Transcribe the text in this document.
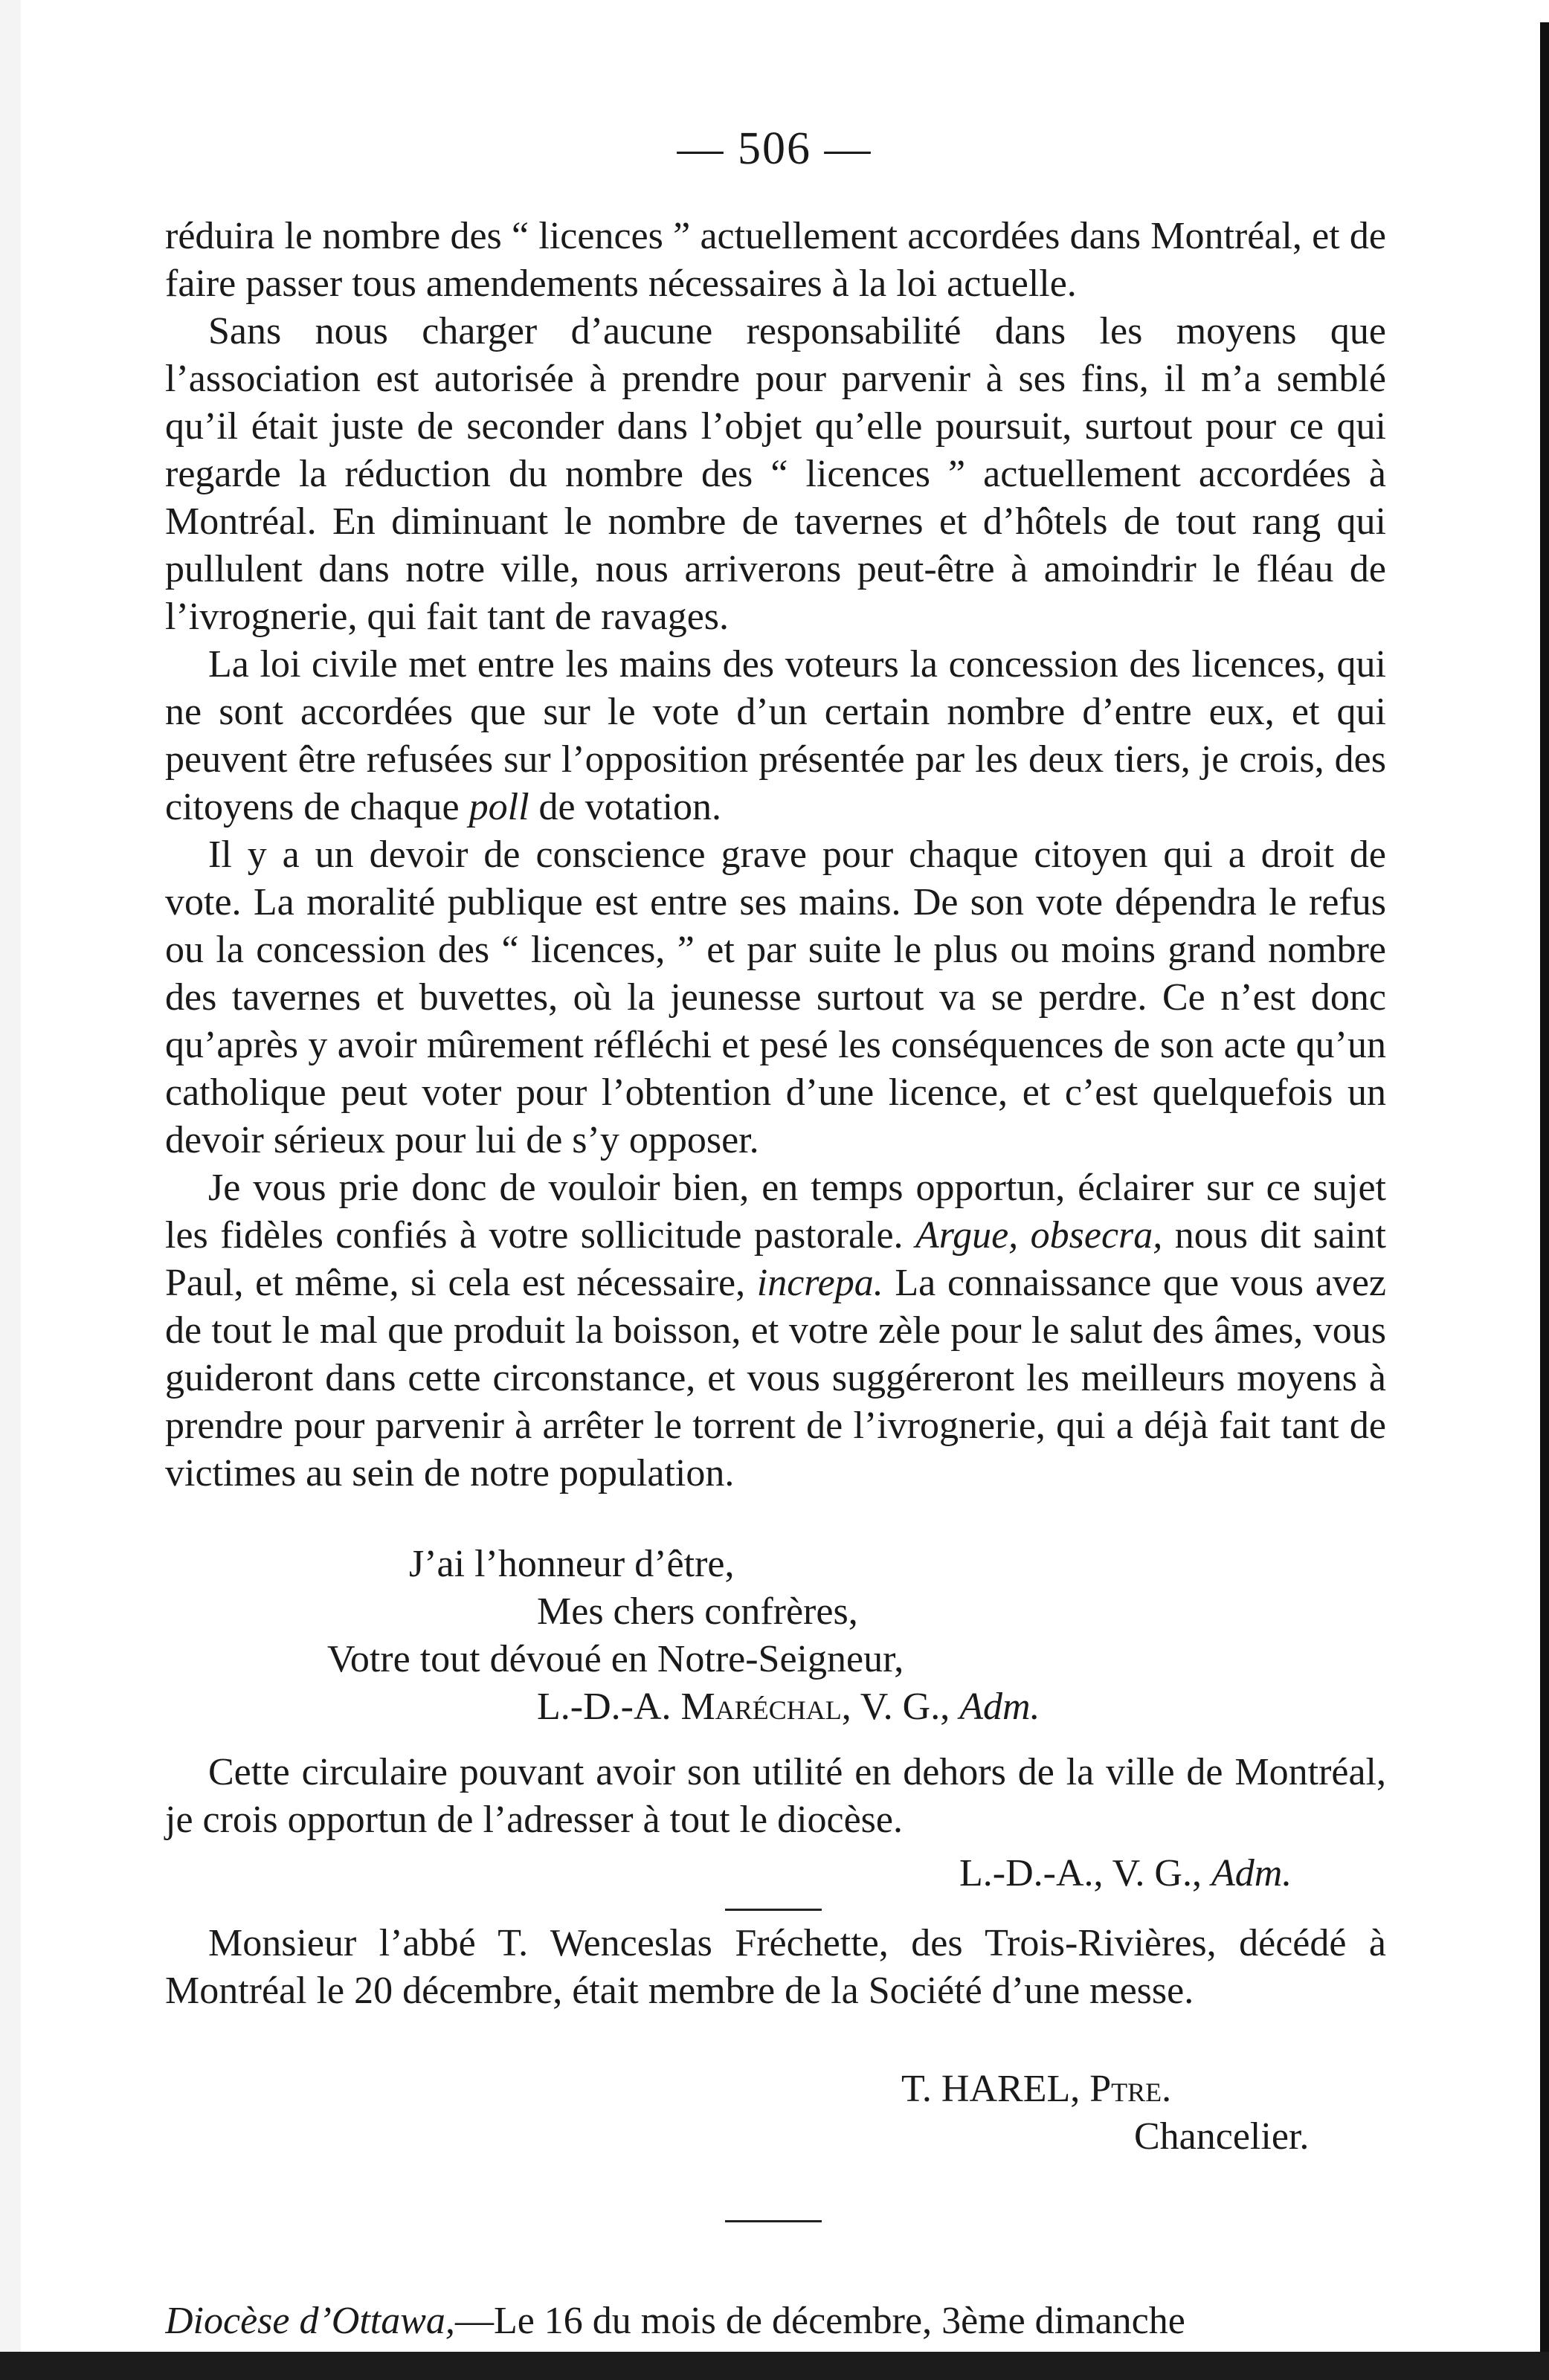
— 506 —

réduira le nombre des “ licences ” actuellement accordées dans Montréal, et de faire passer tous amendements nécessaires à la loi actuelle.

Sans nous charger d’aucune responsabilité dans les moyens que l’association est autorisée à prendre pour parvenir à ses fins, il m’a semblé qu’il était juste de seconder dans l’objet qu’elle poursuit, surtout pour ce qui regarde la réduction du nombre des “ licences ” actuellement accordées à Montréal. En diminuant le nombre de tavernes et d’hôtels de tout rang qui pullulent dans notre ville, nous arriverons peut-être à amoindrir le fléau de l’ivrognerie, qui fait tant de ravages.

La loi civile met entre les mains des voteurs la concession des licences, qui ne sont accordées que sur le vote d’un certain nombre d’entre eux, et qui peuvent être refusées sur l’opposition présentée par les deux tiers, je crois, des citoyens de chaque poll de votation.

Il y a un devoir de conscience grave pour chaque citoyen qui a droit de vote. La moralité publique est entre ses mains. De son vote dépendra le refus ou la concession des “ licences, ” et par suite le plus ou moins grand nombre des tavernes et buvettes, où la jeunesse surtout va se perdre. Ce n’est donc qu’après y avoir mûrement réfléchi et pesé les conséquences de son acte qu’un catholique peut voter pour l’obtention d’une licence, et c’est quelquefois un devoir sérieux pour lui de s’y opposer.

Je vous prie donc de vouloir bien, en temps opportun, éclairer sur ce sujet les fidèles confiés à votre sollicitude pastorale. Argue, obsecra, nous dit saint Paul, et même, si cela est nécessaire, increpa. La connaissance que vous avez de tout le mal que produit la boisson, et votre zèle pour le salut des âmes, vous guideront dans cette circonstance, et vous suggéreront les meilleurs moyens à prendre pour parvenir à arrêter le torrent de l’ivrognerie, qui a déjà fait tant de victimes au sein de notre population.

J’ai l’honneur d’être,
Mes chers confrères,
Votre tout dévoué en Notre-Seigneur,
L.-D.-A. Maréchal, V. G., Adm.
Cette circulaire pouvant avoir son utilité en dehors de la ville de Montréal, je crois opportun de l’adresser à tout le diocèse.
L.-D.-A., V. G., Adm.
Monsieur l’abbé T. Wenceslas Fréchette, des Trois-Rivières, décédé à Montréal le 20 décembre, était membre de la Société d’une messe.
T. HAREL, Ptre.
Chancelier.
Diocèse d’Ottawa,—Le 16 du mois de décembre, 3ème dimanche
